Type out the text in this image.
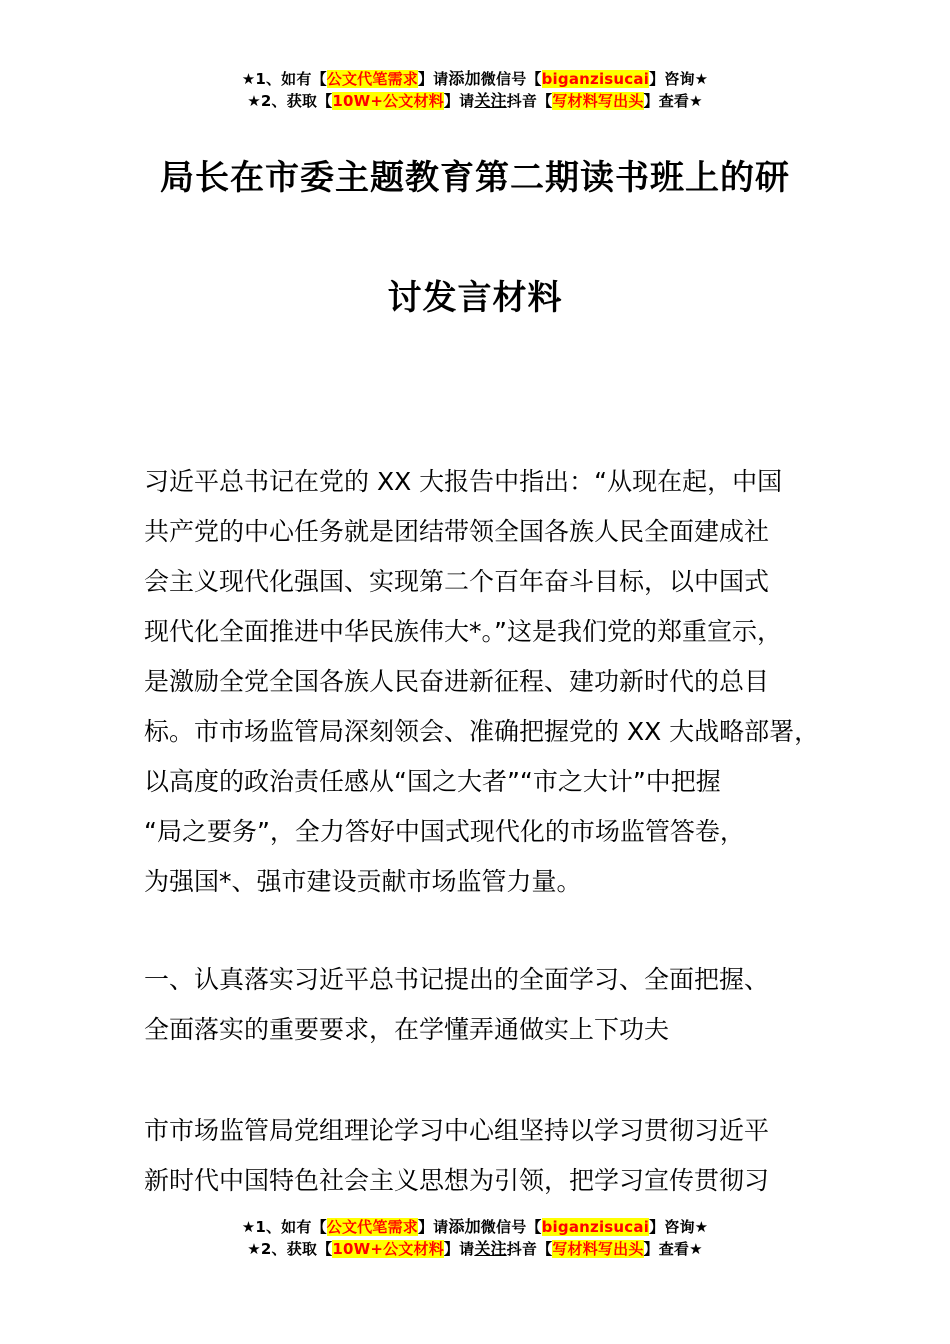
★1、如有【公文代笔需求】请添加微信号【biganzisucai】咨询★
★2、获取【10W+公文材料】请关注抖音【写材料写出头】查看★
局长在市委主题教育第二期读书班上的研
讨发言材料
习近平总书记在党的 XX 大报告中指出：“从现在起，中国
共产党的中心任务就是团结带领全国各族人民全面建成社
会主义现代化强国、实现第二个百年奋斗目标，以中国式
现代化全面推进中华民族伟大*。”这是我们党的郑重宣示，
是激励全党全国各族人民奋进新征程、建功新时代的总目
标。市市场监管局深刻领会、准确把握党的 XX 大战略部署，
以高度的政治责任感从“国之大者”“市之大计”中把握
“局之要务”，全力答好中国式现代化的市场监管答卷，
为强国*、强市建设贡献市场监管力量。
一、认真落实习近平总书记提出的全面学习、全面把握、
全面落实的重要要求，在学懂弄通做实上下功夫
市市场监管局党组理论学习中心组坚持以学习贯彻习近平
新时代中国特色社会主义思想为引领，把学习宣传贯彻习
★1、如有【公文代笔需求】请添加微信号【biganzisucai】咨询★
★2、获取【10W+公文材料】请关注抖音【写材料写出头】查看★
